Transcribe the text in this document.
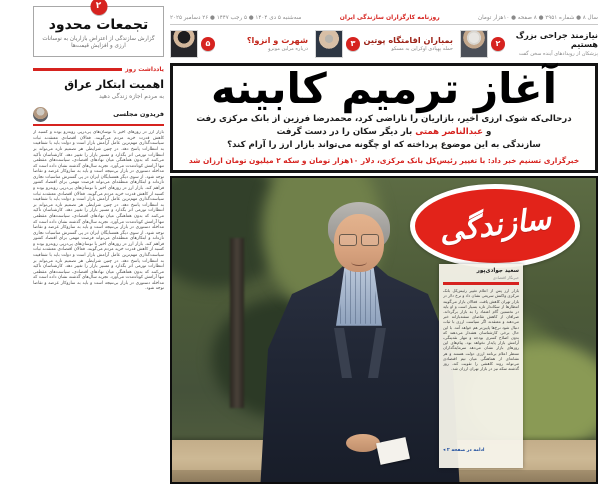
۲
تجمعات محدود
گزارش سازندگی از اعتراض بازاریان به نوسانات ارزی و افزایش قیمت‌ها
یادداشت روز
اهمیت ابتکار عراق
به مردم اجازه زندگی دهید
فریدون مجلسی
بازار ارز در روزهای اخیر با نوسان‌های پی‌درپی روبه‌رو بوده و کسبه از کاهش قدرت خرید مردم می‌گویند. فعالان اقتصادی معتقدند ثبات سیاست‌گذاری مهم‌ترین عامل آرامش بازار است و دولت باید با شفافیت به انتظارات پاسخ دهد. در چنین شرایطی هر تصمیم تازه می‌تواند بر انتظارات تورمی اثر بگذارد و مسیر بازار را تغییر دهد. کارشناسان تأکید می‌کنند که بدون هماهنگی میان نهادهای اقتصادی، سیاست‌های مقطعی تنها آرامش کوتاه‌مدت می‌آورد. تجربه سال‌های گذشته نشان داده است که مداخله دستوری در بازار بی‌نتیجه است و باید به سازوکار عرضه و تقاضا توجه شود. از سوی دیگر همسایگان ایران در پی گسترش مناسبات تجاری تازه‌اند و ابتکارهای منطقه‌ای می‌تواند فرصت مهمی برای اقتصاد کشور فراهم کند. بازار ارز در روزهای اخیر با نوسان‌های پی‌درپی روبه‌رو بوده و کسبه از کاهش قدرت خرید مردم می‌گویند. فعالان اقتصادی معتقدند ثبات سیاست‌گذاری مهم‌ترین عامل آرامش بازار است و دولت باید با شفافیت به انتظارات پاسخ دهد. در چنین شرایطی هر تصمیم تازه می‌تواند بر انتظارات تورمی اثر بگذارد و مسیر بازار را تغییر دهد. کارشناسان تأکید می‌کنند که بدون هماهنگی میان نهادهای اقتصادی، سیاست‌های مقطعی تنها آرامش کوتاه‌مدت می‌آورد. تجربه سال‌های گذشته نشان داده است که مداخله دستوری در بازار بی‌نتیجه است و باید به سازوکار عرضه و تقاضا توجه شود. از سوی دیگر همسایگان ایران در پی گسترش مناسبات تجاری تازه‌اند و ابتکارهای منطقه‌ای می‌تواند فرصت مهمی برای اقتصاد کشور فراهم کند. بازار ارز در روزهای اخیر با نوسان‌های پی‌درپی روبه‌رو بوده و کسبه از کاهش قدرت خرید مردم می‌گویند. فعالان اقتصادی معتقدند ثبات سیاست‌گذاری مهم‌ترین عامل آرامش بازار است و دولت باید با شفافیت به انتظارات پاسخ دهد. در چنین شرایطی هر تصمیم تازه می‌تواند بر انتظارات تورمی اثر بگذارد و مسیر بازار را تغییر دهد. کارشناسان تأکید می‌کنند که بدون هماهنگی میان نهادهای اقتصادی، سیاست‌های مقطعی تنها آرامش کوتاه‌مدت می‌آورد. تجربه سال‌های گذشته نشان داده است که مداخله دستوری در بازار بی‌نتیجه است و باید به سازوکار عرضه و تقاضا توجه شود.
سال ۸ ● شماره ۲۹۵۱ ● ۸ صفحه ● ۱۰هزار تومان
روزنامه کارگزاران سازندگی ایران
سه‌شنبه ۵ دی ۱۴۰۴ ● ۵ رجب ۱۴۴۷ ● ۲۶ دسامبر ۲۰۲۵
نیازمند جراحی بزرگ هستیم
پزشکان از رویدادهای آینده سخن گفت
۲
بمباران اقامتگاه پوتین
حمله پهپادی اوکراین به مسکو
۳
شهرت و انزوا؟
درباره مرلین مونرو
۵
آغاز ترمیم کابینه
درحالی‌که شوک ارزی اخیر، بازاریان را ناراضی کرد، محمدرضا فرزین از بانک مرکزی رفت
و عبدالناصر همتی بار دیگر سکان را در دست گرفت
سازندگی به این موضوع پرداخته که او چگونه می‌تواند بازار ارز را آرام کند؟
خبرگزاری تسنیم خبر داد: با تغییر رئیس‌کل بانک مرکزی، دلار ۱۰هزار تومان و سکه ۲ میلیون تومان ارزان شد
سازندگی
سعید جوادی‌پور
خبرنگار اقتصادی
بازار ارز پس از اعلام تغییر رئیس‌کل بانک مرکزی واکنش سریعی نشان داد و نرخ دلار در بازار تهران کاهش یافت. فعالان بازار می‌گویند انتظارها از سکاندار تازه بسیار است و او باید در نخستین گام اعتماد را به بازار برگرداند. صرافان از کاهش تقاضای سفته‌بازانه خبر می‌دهند و معتقدند اگر سیاست ارزی با ثبات دنبال شود نرخ‌ها پایین‌تر هم خواهد آمد. با این حال برخی کارشناسان هشدار می‌دهند که بدون اصلاح کسری بودجه و مهار نقدینگی، آرامش بازار پایدار نخواهد بود. پیام‌های این روزهای بازار نشان می‌دهد سرمایه‌گذاران منتظر اعلام برنامه ارزی دولت هستند و هر نشانه‌ای از هماهنگی میان تیم اقتصادی می‌تواند روند کاهشی را تقویت کند. روز گذشته سکه نیز در بازار تهران ارزان شد.
ادامه در صفحه ۲ ◂
